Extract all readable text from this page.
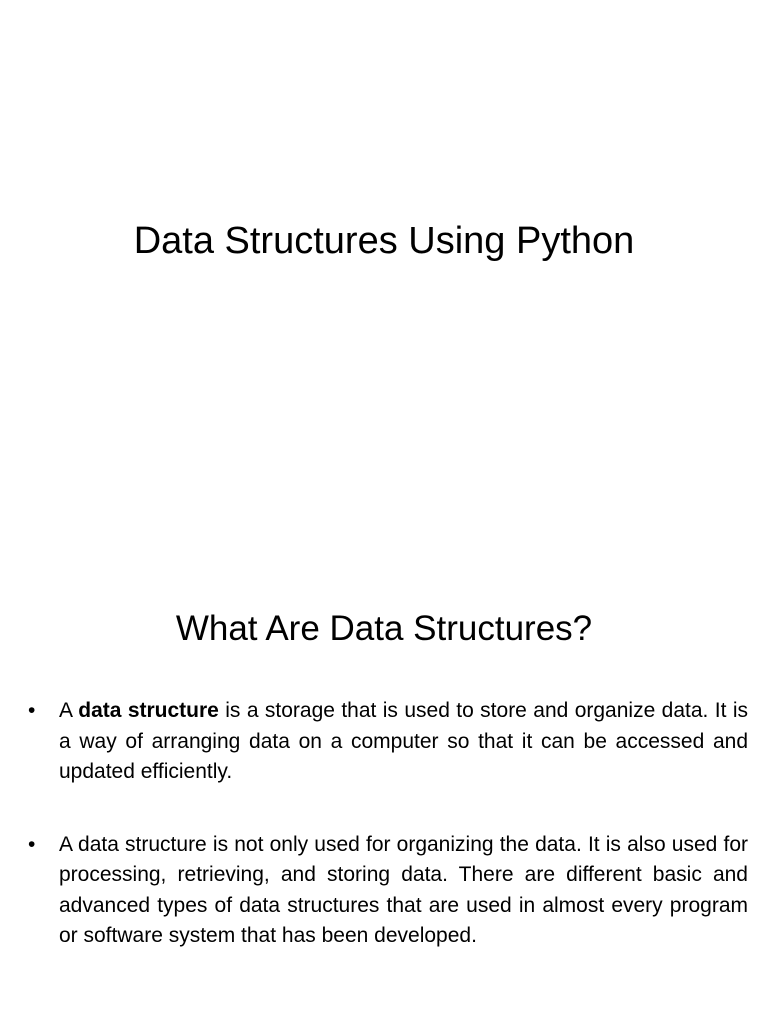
Data Structures Using Python
What Are Data Structures?
• A data structure is a storage that is used to store and organize data. It is a way of arranging data on a computer so that it can be accessed and updated efficiently.
• A data structure is not only used for organizing the data. It is also used for processing, retrieving, and storing data. There are different basic and advanced types of data structures that are used in almost every program or software system that has been developed.
